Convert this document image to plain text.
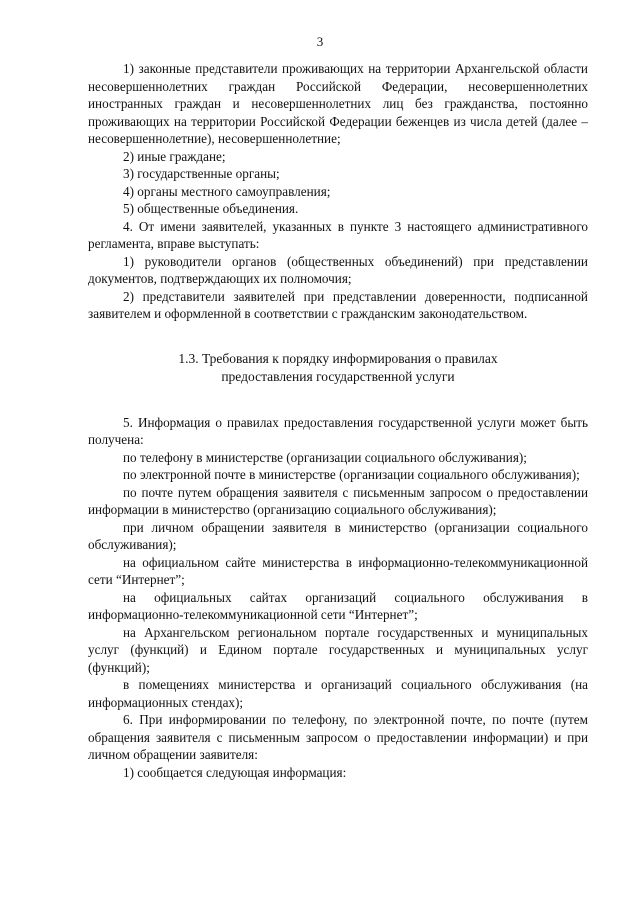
3

1) законные представители проживающих на территории Архангельской области несовершеннолетних граждан Российской Федерации, несовершеннолетних иностранных граждан и несовершеннолетних лиц без гражданства, постоянно проживающих на территории Российской Федерации беженцев из числа детей (далее – несовершеннолетние), несовершеннолетние;

2) иные граждане;

3) государственные органы;

4) органы местного самоуправления;

5) общественные объединения.

4. От имени заявителей, указанных в пункте 3 настоящего административного регламента, вправе выступать:

1) руководители органов (общественных объединений) при представлении документов, подтверждающих их полномочия;

2) представители заявителей при представлении доверенности, подписанной заявителем и оформленной в соответствии с гражданским законодательством.

1.3. Требования к порядку информирования о правилах
предоставления государственной услуги

5. Информация о правилах предоставления государственной услуги может быть получена:

по телефону в министерстве (организации социального обслуживания);

по электронной почте в министерстве (организации социального обслуживания);

по почте путем обращения заявителя с письменным запросом о предоставлении информации в министерство (организацию социального обслуживания);

при личном обращении заявителя в министерство (организации социального обслуживания);

на официальном сайте министерства в информационно-телекоммуникационной сети “Интернет”;

на официальных сайтах организаций социального обслуживания в информационно-телекоммуникационной сети “Интернет”;

на Архангельском региональном портале государственных и муниципальных услуг (функций) и Едином портале государственных и муниципальных услуг (функций);

в помещениях министерства и организаций социального обслуживания (на информационных стендах);

6. При информировании по телефону, по электронной почте, по почте (путем обращения заявителя с письменным запросом о предоставлении информации) и при личном обращении заявителя:

1) сообщается следующая информация:
